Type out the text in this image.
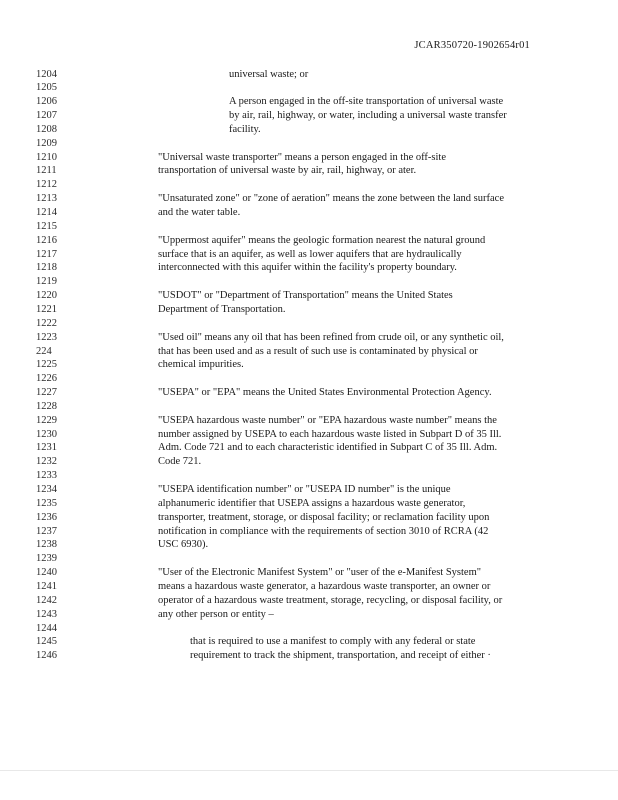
JCAR350720-1902654r01
1204	universal waste; or
1205
1206	A person engaged in the off-site transportation of universal waste
1207	by air, rail, highway, or water, including a universal waste transfer
1208	facility.
1209
1210	"Universal waste transporter" means a person engaged in the off-site
1211	transportation of universal waste by air, rail, highway, or ater.
1212
1213	"Unsaturated zone" or "zone of aeration" means the zone between the land surface
1214	and the water table.
1215
1216	"Uppermost aquifer" means the geologic formation nearest the natural ground
1217	surface that is an aquifer, as well as lower aquifers that are hydraulically
1218	interconnected with this aquifer within the facility's property boundary.
1219
1220	"USDOT" or "Department of Transportation" means the United States
1221	Department of Transportation.
1222
1223	"Used oil" means any oil that has been refined from crude oil, or any synthetic oil,
224	that has been used and as a result of such use is contaminated by physical or
1225	chemical impurities.
1226
1227	"USEPA" or "EPA" means the United States Environmental Protection Agency.
1228
1229	"USEPA hazardous waste number" or "EPA hazardous waste number" means the
1230	number assigned by USEPA to each hazardous waste listed in Subpart D of 35 Ill.
1231	Adm. Code 721 and to each characteristic identified in Subpart C of 35 Ill. Adm.
1232	Code 721.
1233
1234	"USEPA identification number" or "USEPA ID number" is the unique
1235	alphanumeric identifier that USEPA assigns a hazardous waste generator,
1236	transporter, treatment, storage, or disposal facility; or reclamation facility upon
1237	notification in compliance with the requirements of section 3010 of RCRA (42
1238	USC 6930).
1239
1240	"User of the Electronic Manifest System" or "user of the e-Manifest System"
1241	means a hazardous waste generator, a hazardous waste transporter, an owner or
1242	operator of a hazardous waste treatment, storage, recycling, or disposal facility, or
1243	any other person or entity –
1244
1245	that is required to use a manifest to comply with any federal or state
1246	requirement to track the shipment, transportation, and receipt of either ·
